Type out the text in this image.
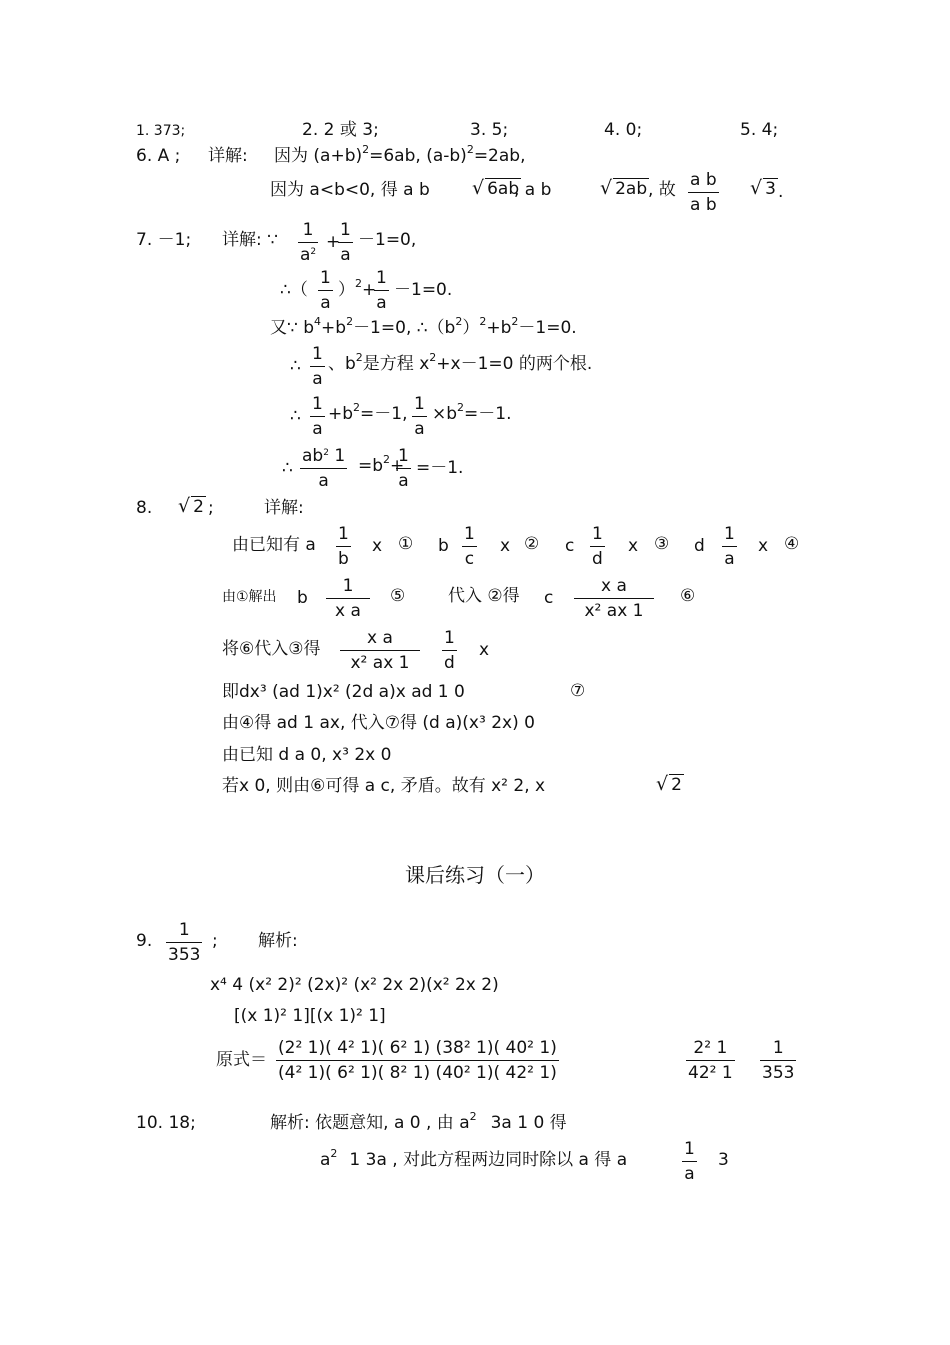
1. 373;	2. 2 或 3;	3. 5;	4. 0;	5. 4;
6. A ; 详解: 因为 $(a+b)^2=6ab$, $(a-b)^2=2ab$,
因为 a<b<0, 得 a b √ 6ab
, a b	√ 2ab , 故 $\frac{\text{a b}}{\text{a b}}$ √ 3 .
7. －1; 详解: ∵ $\frac{1}{a^2}$ +
$\frac{1}{a} -1=0$,
∴（ $\frac{1}{a} )^2+$
$\frac{1}{a} -1=0$.
又∵ $b^4+b^2-1=0$, $\therefore(b^2)^2+b^2-1=0$.
∴ $\frac{1}{a}$ 、$b^2$是方程 $x^2+x-1=0$ 的两个根.
∴ $\frac{1}{a} +b^2=-1$, $\frac{1}{a} \times b^2=-1$.
∴ $\frac{ab^2 1}{a} =b^2+$
$\frac{1}{a} =-1$.
8. √ 2 ;	详解:
由已知有 a $\frac{1}{b}$ x ① b $\frac{1}{c}$ x ② c $\frac{1}{d}$ x ③ d $\frac{1}{a}$ x ④
由①解出 b $\frac{1}{\text{x a}}$ ⑤	代入 ②得 c $\frac{\text{x a}}{\text{x² ax 1}}$ ⑥
将⑥代入③得 $\frac{\text{x a}}{\text{x² ax 1}} \frac{1}{d}$ x
即dx³ (ad 1)x² (2d a)x ad 1 0	⑦
由④得 ad 1 ax, 代入⑦得 (d a)(x³ 2x) 0
由已知 d a 0, x³ 2x 0
若x 0, 则由⑥可得 a c, 矛盾。故有 x² 2, x	√ 2
课后练习（一）
9. $\frac{1}{353}$ ; 解析:
x⁴ 4 (x² 2)² (2x)² (x² 2x 2)(x² 2x 2)
[(x 1)² 1][(x 1)² 1]
原式＝
(2² 1)( 4² 1)( 6² 1) (38² 1)( 40² 1)
(4² 1)( 6² 1)( 8² 1) (40² 1)( 42² 1)	$\frac{\text{2² 1}}{\text{42² 1}} \frac{1}{353}$
10. 18;	解析: 依题意知, a 0 , 由 $a^2$ 3a 1 0 得
$a^2$ 1 3a , 对此方程两边同时除以 a 得 a	$\frac{1}{a} 3$
